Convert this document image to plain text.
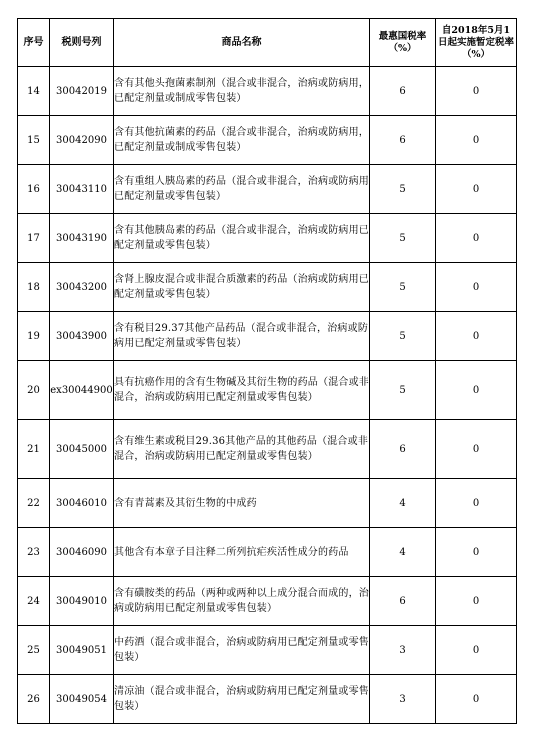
序号	税则号列	商品名称	最惠国税率（%）	自2018年5月1日起实施暂定税率（%）
14	30042019	含有其他头孢菌素制剂（混合或非混合，治病或防病用，已配定剂量或制成零售包装）	6	0
15	30042090	含有其他抗菌素的药品（混合或非混合，治病或防病用，已配定剂量或制成零售包装）	6	0
16	30043110	含有重组人胰岛素的药品（混合或非混合，治病或防病用已配定剂量或零售包装）	5	0
17	30043190	含有其他胰岛素的药品（混合或非混合，治病或防病用已配定剂量或零售包装）	5	0
18	30043200	含肾上腺皮混合或非混合质激素的药品（治病或防病用已配定剂量或零售包装）	5	0
19	30043900	含有税目29.37其他产品药品（混合或非混合，治病或防病用已配定剂量或零售包装）	5	0
20	ex30044900	具有抗癌作用的含有生物碱及其衍生物的药品（混合或非混合，治病或防病用已配定剂量或零售包装）	5	0
21	30045000	含有维生素或税目29.36其他产品的其他药品（混合或非混合，治病或防病用已配定剂量或零售包装）	6	0
22	30046010	含有青蒿素及其衍生物的中成药	4	0
23	30046090	其他含有本章子目注释二所列抗疟疾活性成分的药品	4	0
24	30049010	含有磺胺类的药品（两种或两种以上成分混合而成的，治病或防病用已配定剂量或零售包装）	6	0
25	30049051	中药酒（混合或非混合，治病或防病用已配定剂量或零售包装）	3	0
26	30049054	清凉油（混合或非混合，治病或防病用已配定剂量或零售包装）	3	0
